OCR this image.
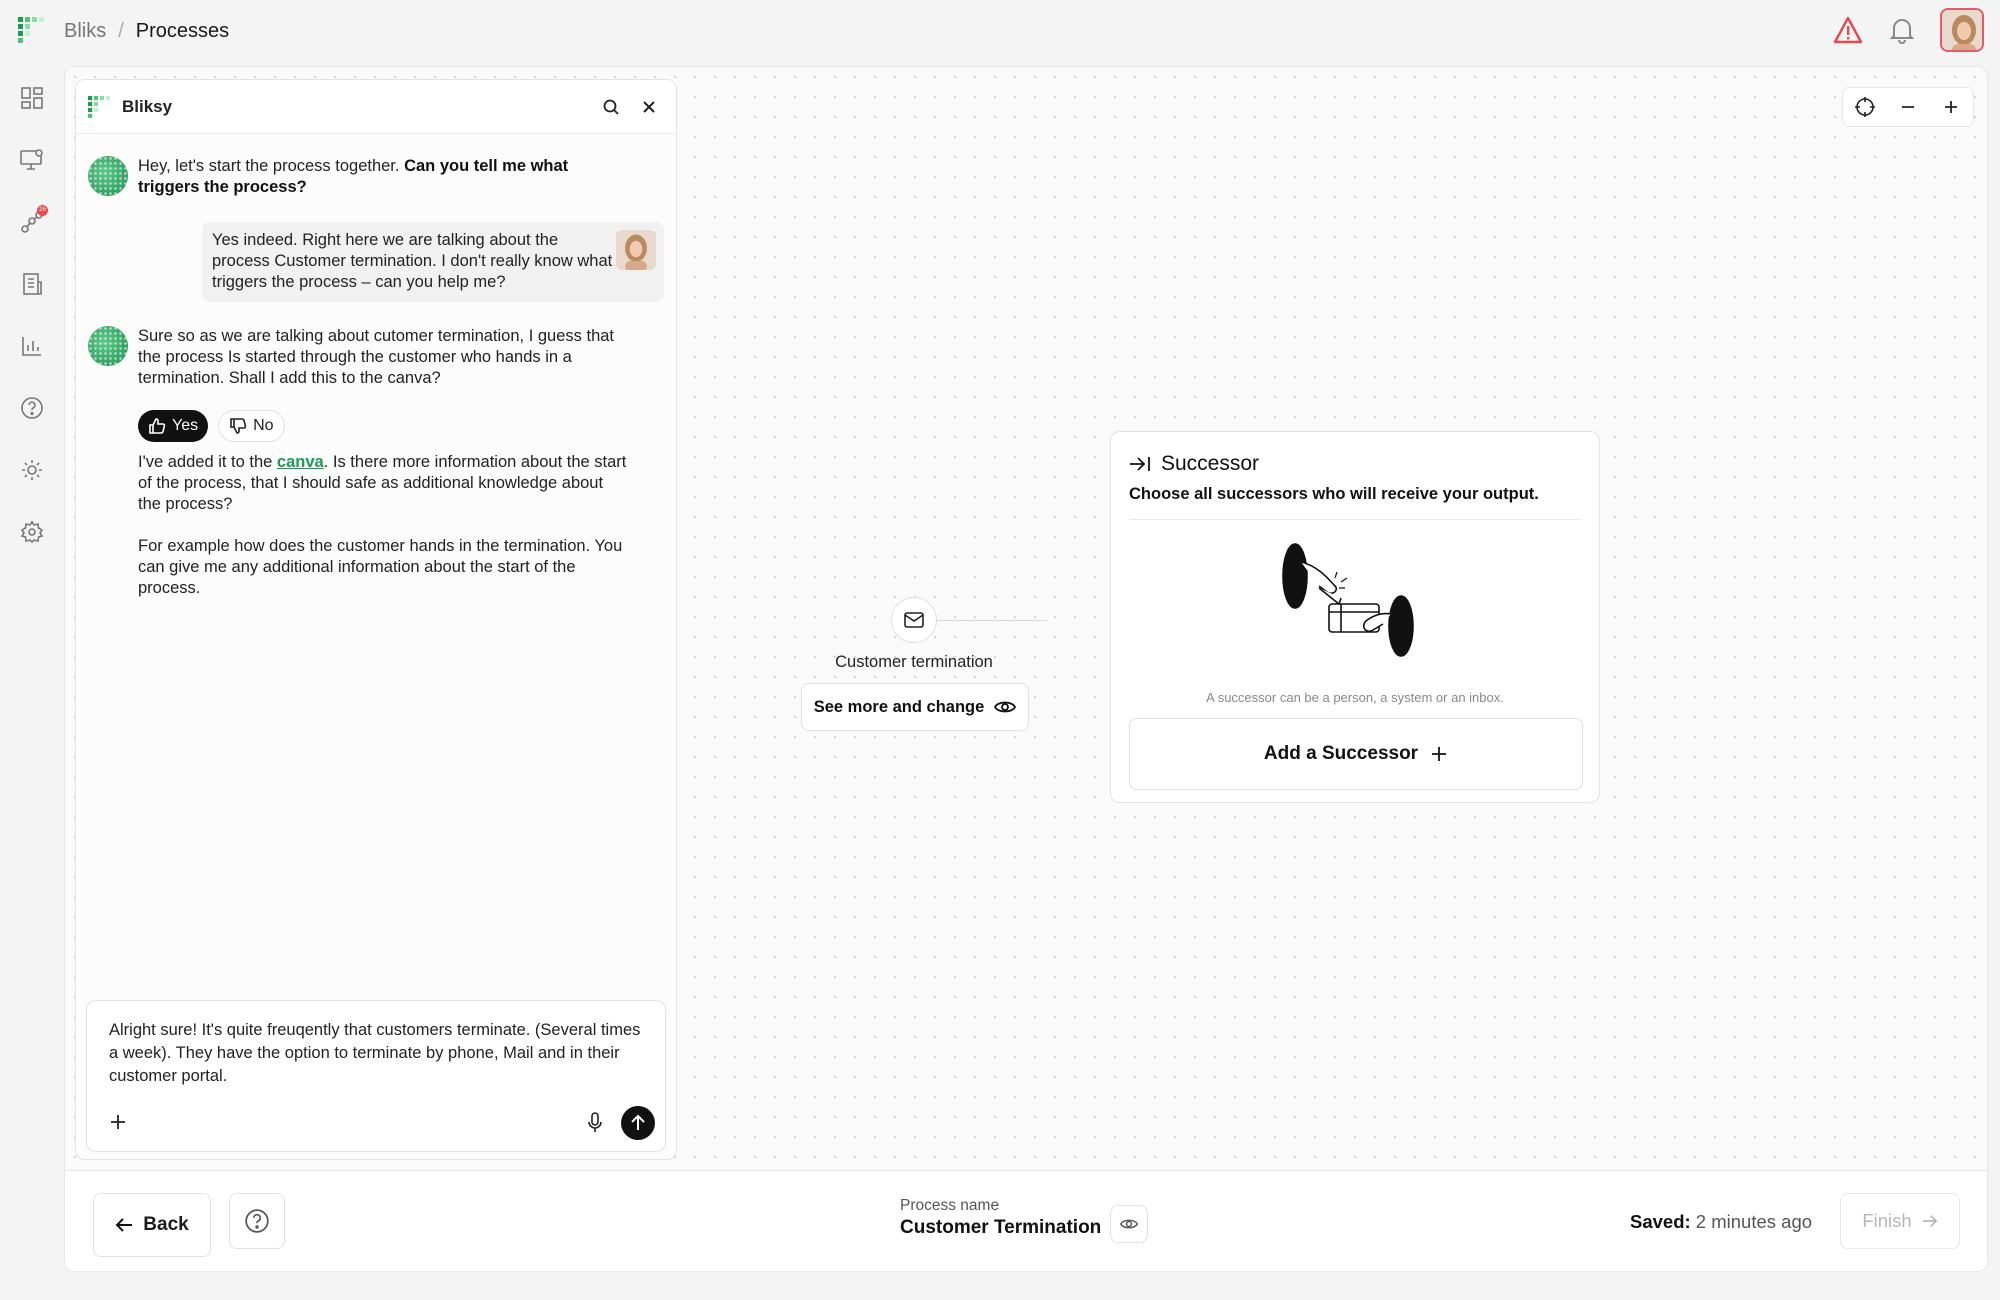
Bliks / Processes
26
Bliksy
Hey, let's start the process together. Can you tell me what triggers the process?
Yes indeed. Right here we are talking about the process Customer termination. I don't really know what triggers the process – can you help me?
Sure so as we are talking about cutomer termination, I guess that the process Is started through the customer who hands in a termination. Shall I add this to the canva?
Yes	No
I've added it to the canva. Is there more information about the start of the process, that I should safe as additional knowledge about the process?
For example how does the customer hands in the termination. You can give me any additional information about the start of the process.
Alright sure! It's quite freuqently that customers terminate. (Several times a week). They have the option to terminate by phone, Mail and in their customer portal.
Customer termination
See more and change
Successor
Choose all successors who will receive your output.
A successor can be a person, a system or an inbox.
Add a Successor
Back
Process name
Customer Termination	Saved: 2 minutes ago	Finish
